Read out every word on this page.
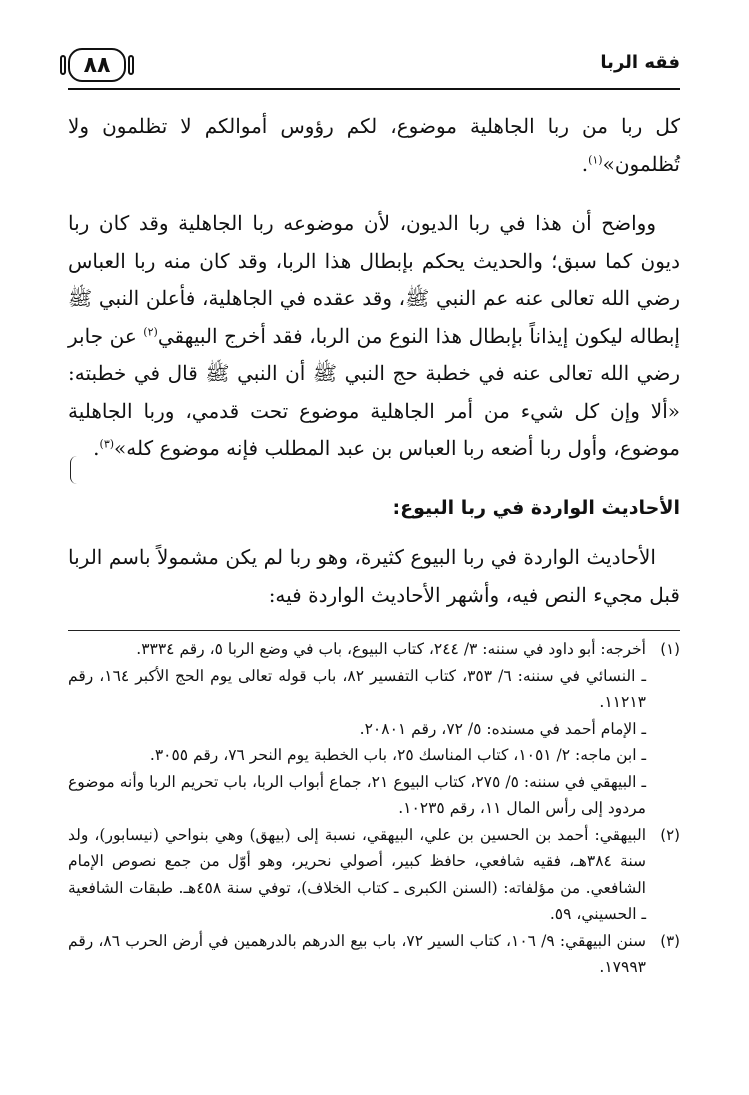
٨٨	فقه الربا

كل ربا من ربا الجاهلية موضوع، لكم رؤوس أموالكم لا تظلمون ولا تُظلمون»$^{(١)}$.

وواضح أن هذا في ربا الديون، لأن موضوعه ربا الجاهلية وقد كان ربا ديون كما سبق؛ والحديث يحكم بإبطال هذا الربا، وقد كان منه ربا العباس رضي الله تعالى عنه عم النبي ﷺ، وقد عقده في الجاهلية، فأعلن النبي ﷺ إبطاله ليكون إيذاناً بإبطال هذا النوع من الربا، فقد أخرج البيهقي$^{(٢)}$ عن جابر رضي الله تعالى عنه في خطبة حج النبي ﷺ أن النبي ﷺ قال في خطبته: «ألا وإن كل شيء من أمر الجاهلية موضوع تحت قدمي، وربا الجاهلية موضوع، وأول ربا أضعه ربا العباس بن عبد المطلب فإنه موضوع كله»$^{(٣)}$.

الأحاديث الواردة في ربا البيوع:

الأحاديث الواردة في ربا البيوع كثيرة، وهو ربا لم يكن مشمولاً باسم الربا قبل مجيء النص فيه، وأشهر الأحاديث الواردة فيه:

(١)

أخرجه: أبو داود في سننه: ٣/ ٢٤٤، كتاب البيوع، باب في وضع الربا ٥، رقم ٣٣٣٤.

ـ النسائي في سننه: ٦/ ٣٥٣، كتاب التفسير ٨٢، باب قوله تعالى يوم الحج الأكبر ١٦٤، رقم ١١٢١٣.

ـ الإمام أحمد في مسنده: ٥/ ٧٢، رقم ٢٠٨٠١.

ـ ابن ماجه: ٢/ ١٠٥١، كتاب المناسك ٢٥، باب الخطبة يوم النحر ٧٦، رقم ٣٠٥٥.

ـ البيهقي في سننه: ٥/ ٢٧٥، كتاب البيوع ٢١، جماع أبواب الربا، باب تحريم الربا وأنه موضوع مردود إلى رأس المال ١١، رقم ١٠٢٣٥.

(٢)

البيهقي: أحمد بن الحسين بن علي، البيهقي، نسبة إلى (بيهق) وهي بنواحي (نيسابور)، ولد سنة ٣٨٤هـ، فقيه شافعي، حافظ كبير، أصولي نحرير، وهو أوّل من جمع نصوص الإمام الشافعي. من مؤلفاته: (السنن الكبرى ـ كتاب الخلاف)، توفي سنة ٤٥٨هـ. طبقات الشافعية ـ الحسيني، ٥٩.

(٣)

سنن البيهقي: ٩/ ١٠٦، كتاب السير ٧٢، باب بيع الدرهم بالدرهمين في أرض الحرب ٨٦، رقم ١٧٩٩٣.
